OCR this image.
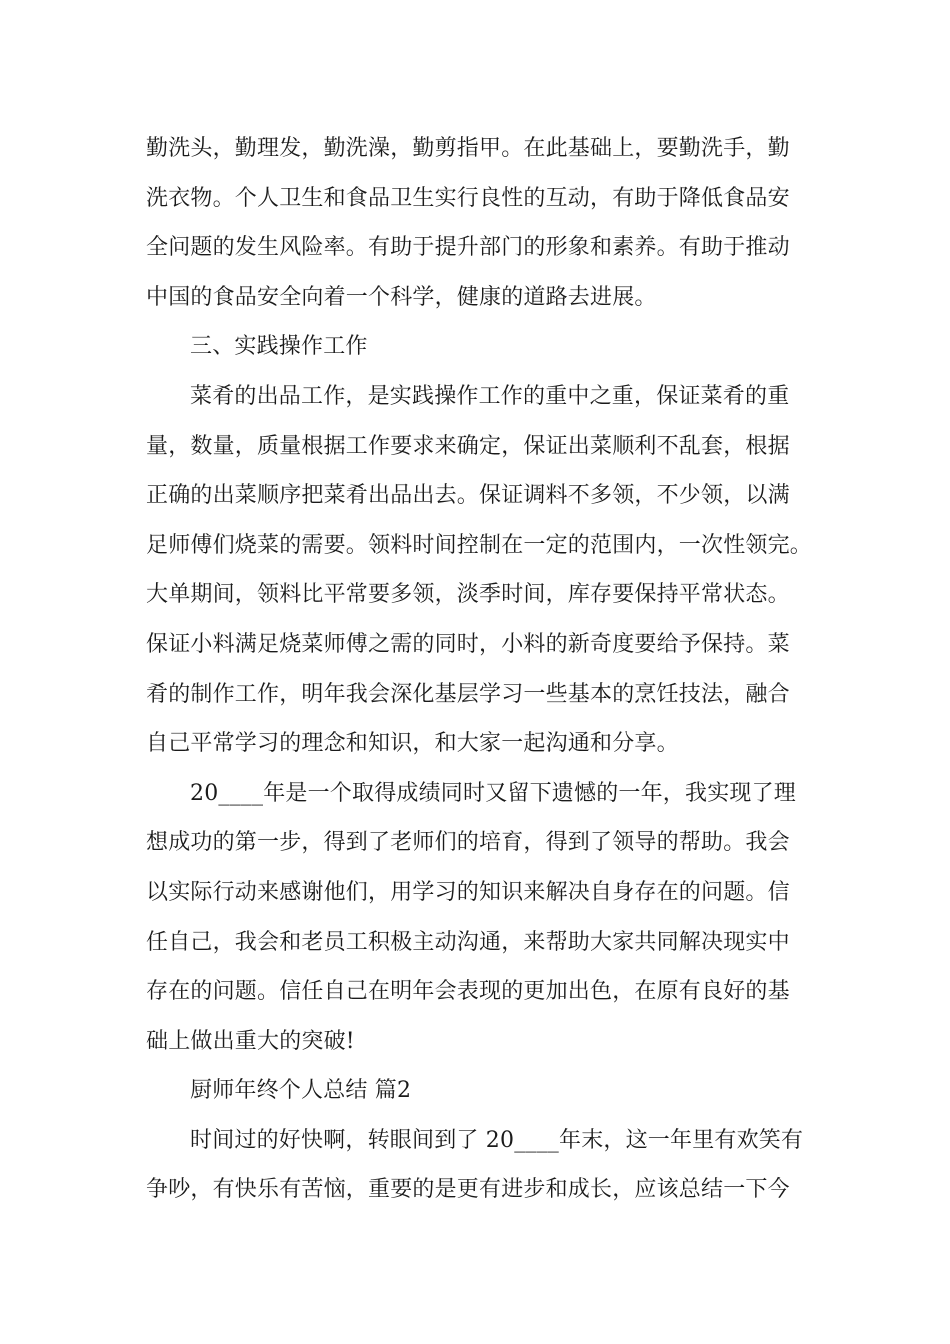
勤洗头，勤理发，勤洗澡，勤剪指甲。在此基础上，要勤洗手，勤
洗衣物。个人卫生和食品卫生实行良性的互动，有助于降低食品安
全问题的发生风险率。有助于提升部门的形象和素养。有助于推动
中国的食品安全向着一个科学，健康的道路去进展。
三、实践操作工作
菜肴的出品工作，是实践操作工作的重中之重，保证菜肴的重
量，数量，质量根据工作要求来确定，保证出菜顺利不乱套，根据
正确的出菜顺序把菜肴出品出去。保证调料不多领，不少领，以满
足师傅们烧菜的需要。领料时间控制在一定的范围内，一次性领完。
大单期间，领料比平常要多领，淡季时间，库存要保持平常状态。
保证小料满足烧菜师傅之需的同时，小料的新奇度要给予保持。菜
肴的制作工作，明年我会深化基层学习一些基本的烹饪技法，融合
自己平常学习的理念和知识，和大家一起沟通和分享。
20____年是一个取得成绩同时又留下遗憾的一年，我实现了理
想成功的第一步，得到了老师们的培育，得到了领导的帮助。我会
以实际行动来感谢他们，用学习的知识来解决自身存在的问题。信
任自己，我会和老员工积极主动沟通，来帮助大家共同解决现实中
存在的问题。信任自己在明年会表现的更加出色，在原有良好的基
础上做出重大的突破!
厨师年终个人总结 篇2
时间过的好快啊，转眼间到了 20____年末，这一年里有欢笑有
争吵，有快乐有苦恼，重要的是更有进步和成长，应该总结一下今
